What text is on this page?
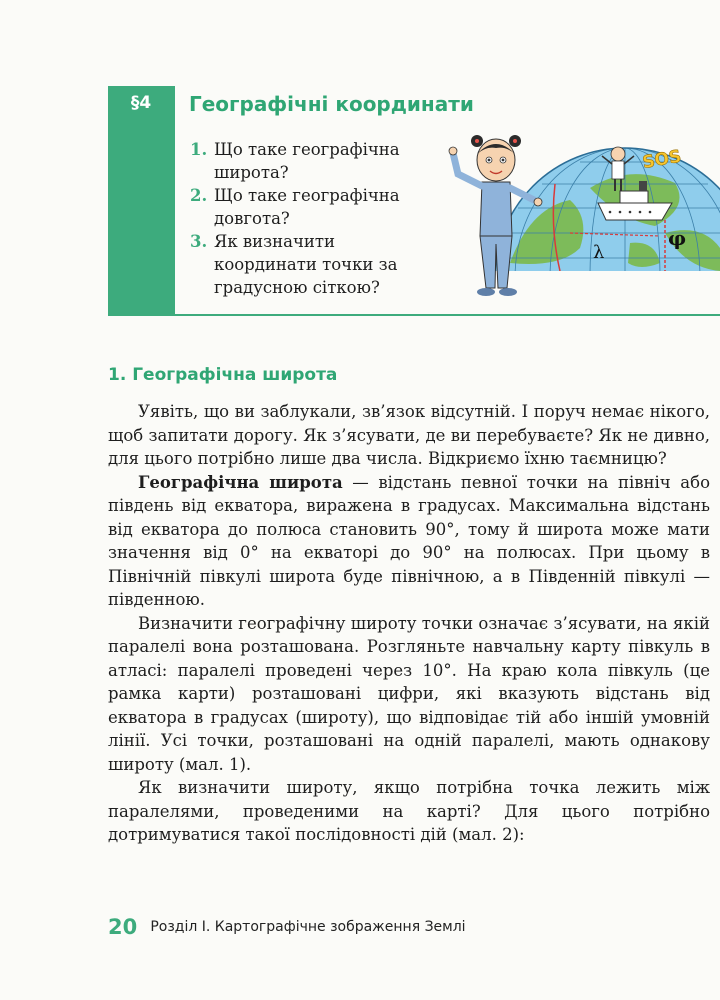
§4	Географічні координати
1. Що таке географічна широта?
2. Що таке географічна довгота?
3. Як визначити координати точки за градусною сіткою?
SOS
λ
φ
1. Географічна широта

Уявіть, що ви заблукали, зв’язок відсутній. І поруч немає нікого, щоб запитати дорогу. Як з’ясувати, де ви перебуваєте? Як не дивно, для цього потрібно лише два числа. Відкриємо їхню таємницю?

Географічна широта — відстань певної точки на північ або південь від екватора, виражена в градусах. Максимальна відстань від екватора до полюса становить 90°, тому й широта може мати значення від 0° на екваторі до 90° на полюсах. При цьому в Північній півкулі широта буде північною, а в Південній півкулі — південною.

Визначити географічну широту точки означає з’ясувати, на якій паралелі вона розташована. Розгляньте навчальну карту півкуль в атласі: паралелі проведені через 10°. На краю кола півкуль (це рамка карти) розташовані цифри, які вказують відстань від екватора в градусах (широту), що відповідає тій або іншій умовній лінії. Усі точки, розташовані на одній паралелі, мають однакову широту (мал. 1).

Як визначити широту, якщо потрібна точка лежить між паралелями, проведеними на карті? Для цього потрібно дотримуватися такої послідовності дій (мал. 2):

20 Розділ I. Картографічне зображення Землі
